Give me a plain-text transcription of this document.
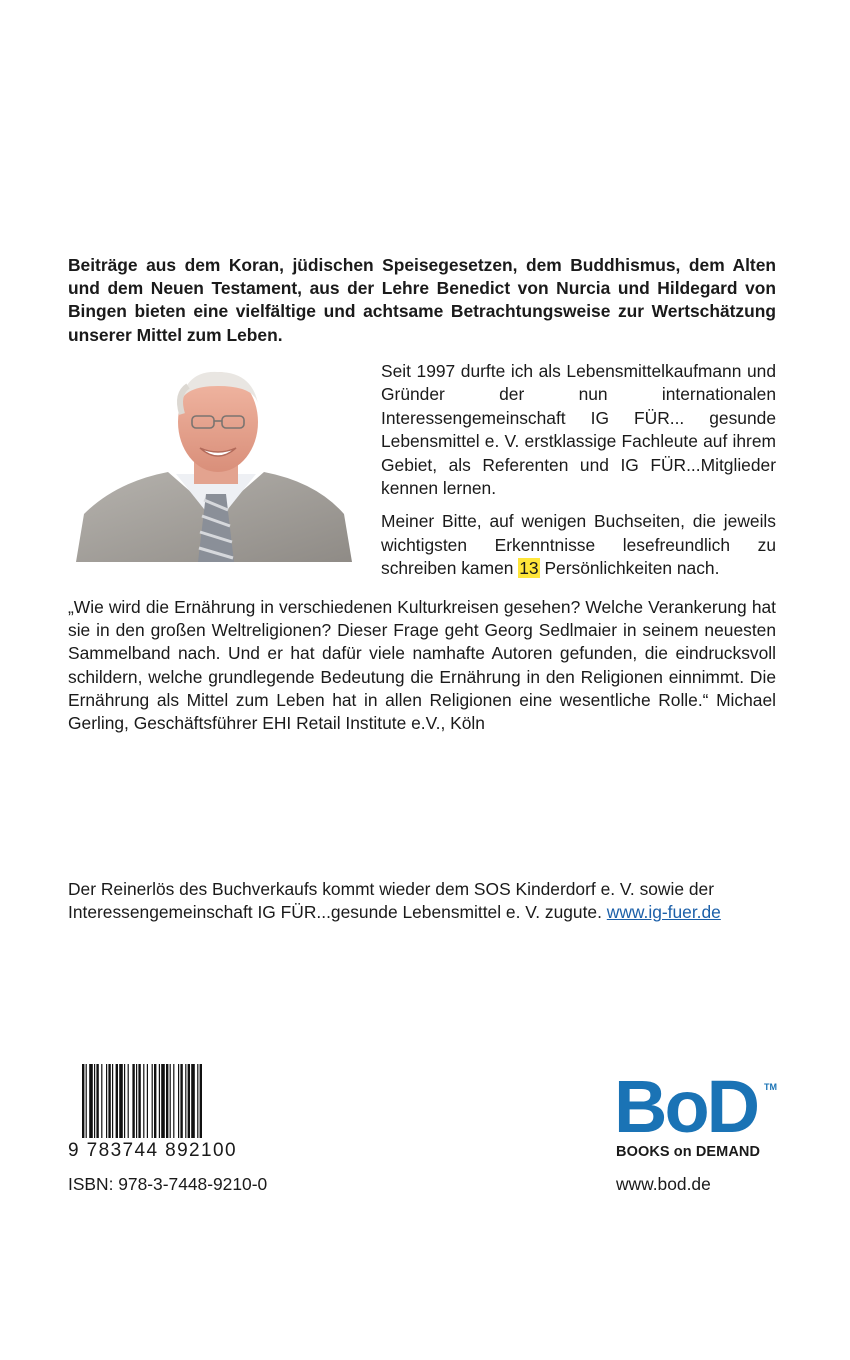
Beiträge aus dem Koran, jüdischen Speisegesetzen, dem Buddhismus, dem Alten und dem Neuen Testament, aus der Lehre Benedict von Nurcia und Hildegard von Bingen bieten eine vielfältige und achtsame Betrachtungsweise zur Wertschätzung unserer Mittel zum Leben.

Seit 1997 durfte ich als Lebensmittelkaufmann und Gründer der nun internationalen Interessengemeinschaft IG FÜR... gesunde Lebensmittel e. V. erstklassige Fachleute auf ihrem Gebiet, als Referenten und IG FÜR...Mitglieder kennen lernen.

Meiner Bitte, auf wenigen Buchseiten, die jeweils wichtigsten Erkenntnisse lesefreundlich zu schreiben kamen 13 Persönlichkeiten nach.

„Wie wird die Ernährung in verschiedenen Kulturkreisen gesehen? Welche Verankerung hat sie in den großen Weltreligionen? Dieser Frage geht Georg Sedlmaier in seinem neuesten Sammelband nach. Und er hat dafür viele namhafte Autoren gefunden, die eindrucksvoll schildern, welche grundlegende Bedeutung die Ernährung in den Religionen einnimmt. Die Ernährung als Mittel zum Leben hat in allen Religionen eine wesentliche Rolle.“ Michael Gerling, Geschäftsführer EHI Retail Institute e.V., Köln

Der Reinerlös des Buchverkaufs kommt wieder dem SOS Kinderdorf e. V. sowie der
Interessengemeinschaft IG FÜR...gesunde Lebensmittel e. V. zugute. www.ig-fuer.de

9 783744 892100

ISBN: 978-3-7448-9210-0

BoD TM
BOOKS on DEMAND

www.bod.de
